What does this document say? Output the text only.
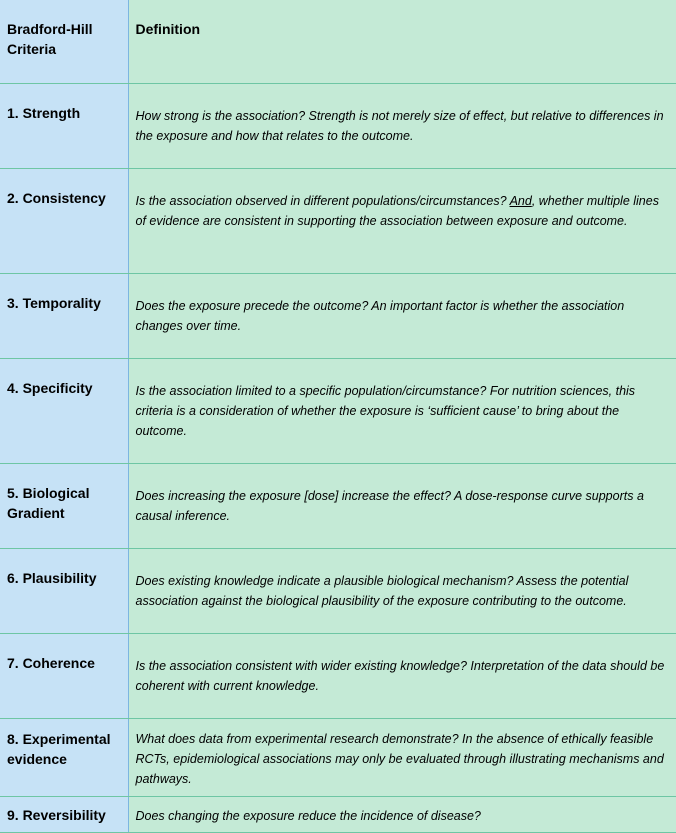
Bradford-Hill Criteria	Definition

1. Strength	How strong is the association? Strength is not merely size of effect, but relative to differences in the exposure and how that relates to the outcome.

2. Consistency	Is the association observed in different populations/circumstances? And, whether multiple lines of evidence are consistent in supporting the association between exposure and outcome.

3. Temporality	Does the exposure precede the outcome? An important factor is whether the association changes over time.

4. Specificity	Is the association limited to a specific population/circumstance? For nutrition sciences, this criteria is a consideration of whether the exposure is ‘sufficient cause’ to bring about the outcome.

5. Biological Gradient	Does increasing the exposure [dose] increase the effect? A dose-response curve supports a causal inference.

6. Plausibility	Does existing knowledge indicate a plausible biological mechanism? Assess the potential association against the biological plausibility of the exposure contributing to the outcome.

7. Coherence	Is the association consistent with wider existing knowledge? Interpretation of the data should be coherent with current knowledge.

8. Experimental evidence	What does data from experimental research demonstrate? In the absence of ethically feasible RCTs, epidemiological associations may only be evaluated through illustrating mechanisms and pathways.

9. Reversibility	Does changing the exposure reduce the incidence of disease?
